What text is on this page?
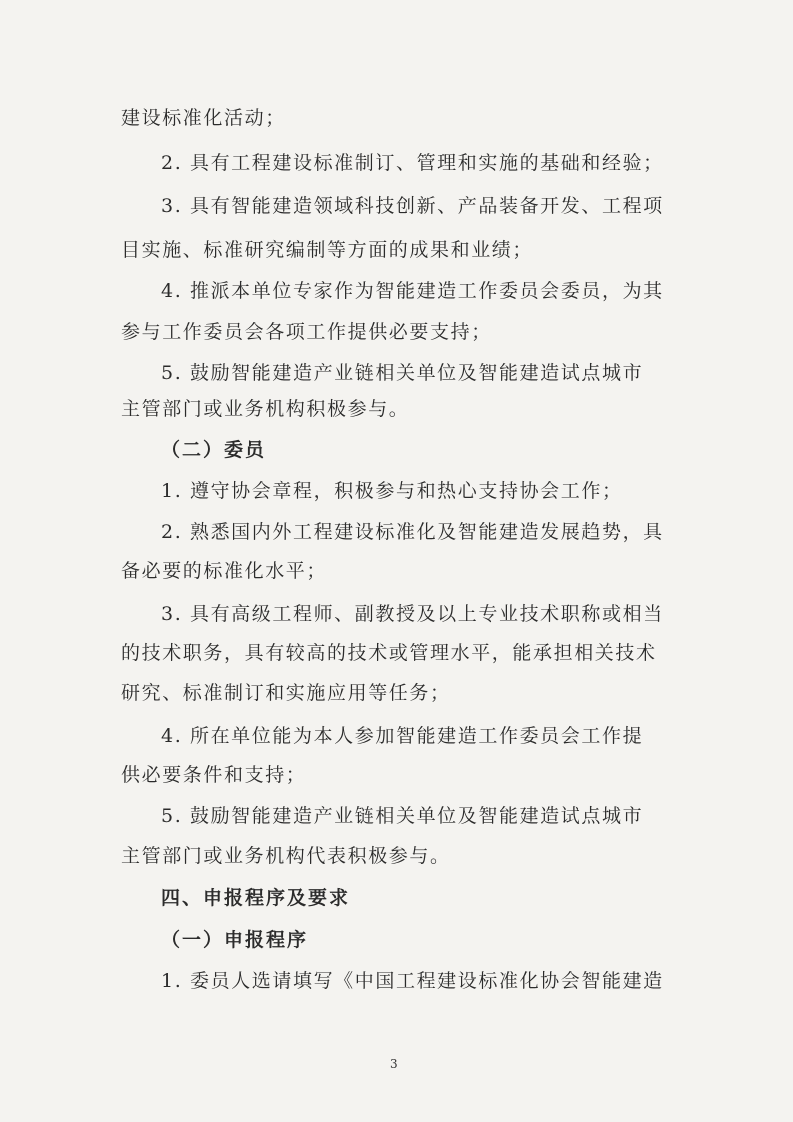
建设标准化活动；
2. 具有工程建设标准制订、管理和实施的基础和经验；
3. 具有智能建造领域科技创新、产品装备开发、工程项
目实施、标准研究编制等方面的成果和业绩；
4. 推派本单位专家作为智能建造工作委员会委员，为其
参与工作委员会各项工作提供必要支持；
5. 鼓励智能建造产业链相关单位及智能建造试点城市
主管部门或业务机构积极参与。
（二）委员
1. 遵守协会章程，积极参与和热心支持协会工作；
2. 熟悉国内外工程建设标准化及智能建造发展趋势，具
备必要的标准化水平；
3. 具有高级工程师、副教授及以上专业技术职称或相当
的技术职务，具有较高的技术或管理水平，能承担相关技术
研究、标准制订和实施应用等任务；
4. 所在单位能为本人参加智能建造工作委员会工作提
供必要条件和支持；
5. 鼓励智能建造产业链相关单位及智能建造试点城市
主管部门或业务机构代表积极参与。
四、申报程序及要求
（一）申报程序
1. 委员人选请填写《中国工程建设标准化协会智能建造
3
